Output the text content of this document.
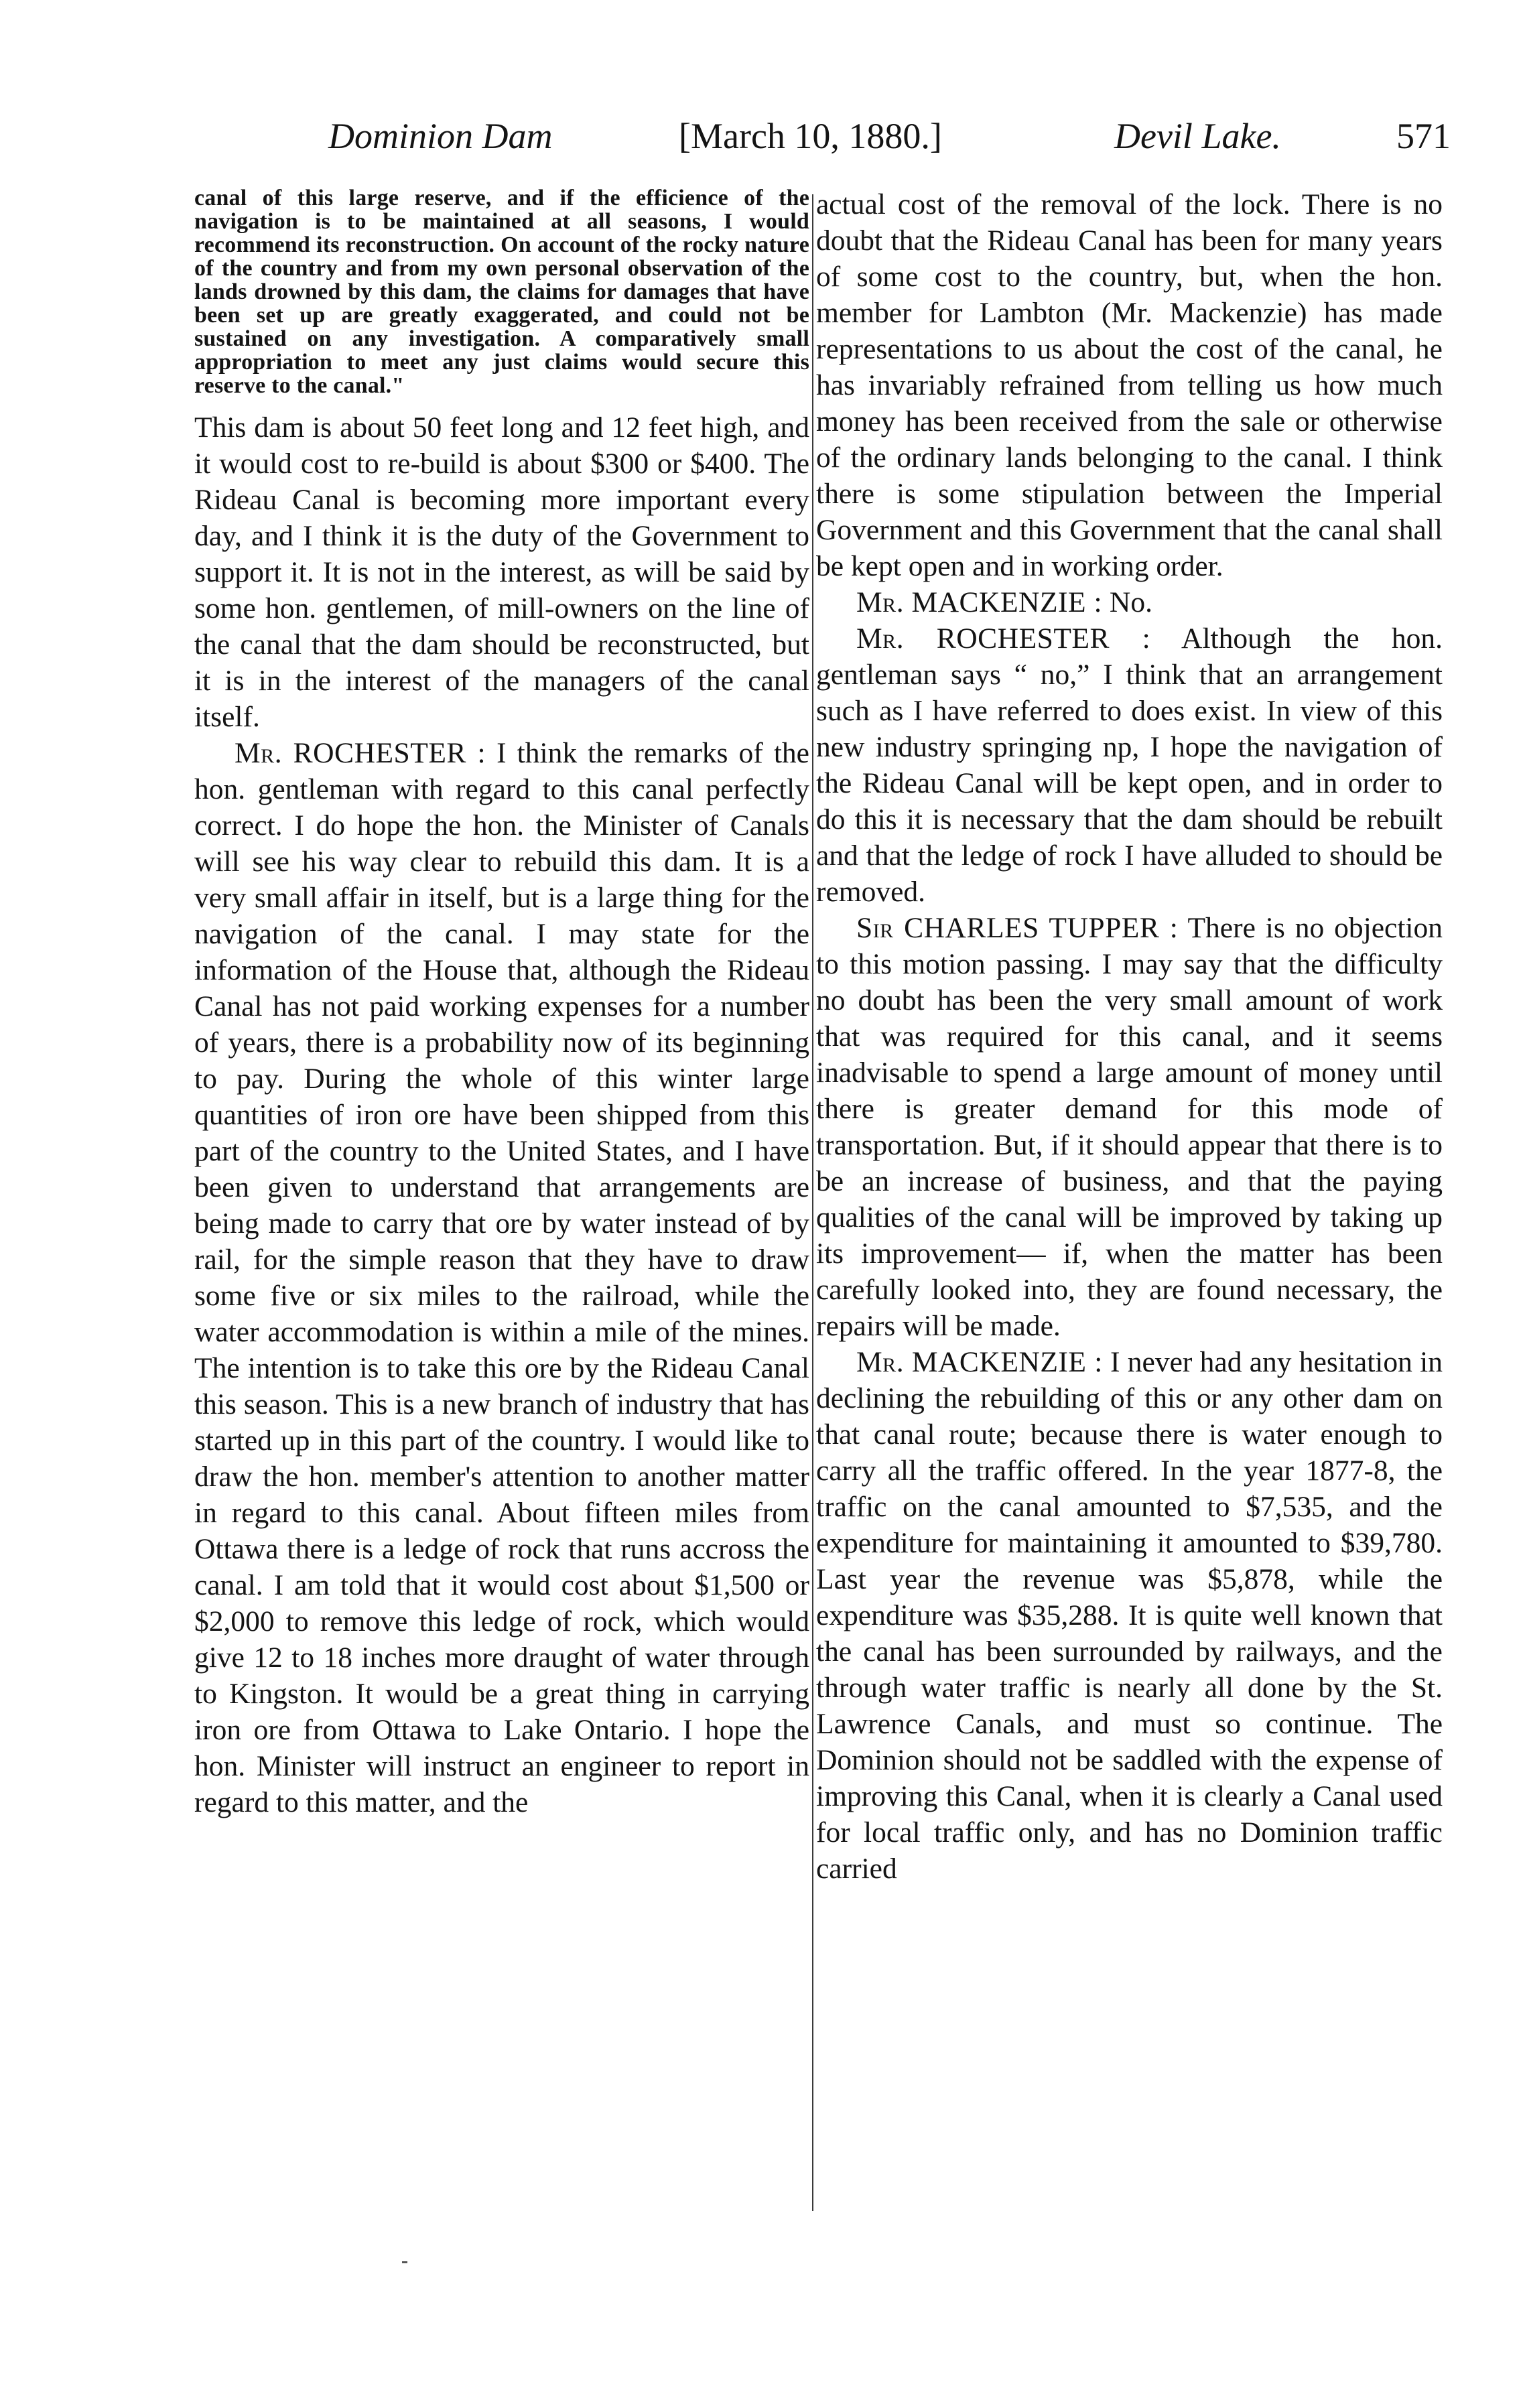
Dominion Dam	[March 10, 1880.]	Devil Lake.	571

canal of this large reserve, and if the efficience of the navigation is to be maintained at all seasons, I would recommend its reconstruction. On account of the rocky nature of the country and from my own personal observation of the lands drowned by this dam, the claims for damages that have been set up are greatly exaggerated, and could not be sustained on any investigation. A comparatively small appropriation to meet any just claims would secure this reserve to the canal."

This dam is about 50 feet long and 12 feet high, and it would cost to re-build is about $300 or $400. The Rideau Canal is becoming more important every day, and I think it is the duty of the Government to support it. It is not in the interest, as will be said by some hon. gentlemen, of mill-owners on the line of the canal that the dam should be reconstructed, but it is in the interest of the managers of the canal itself.

Mr. ROCHESTER : I think the remarks of the hon. gentleman with regard to this canal perfectly correct. I do hope the hon. the Minister of Canals will see his way clear to rebuild this dam. It is a very small affair in itself, but is a large thing for the navigation of the canal. I may state for the information of the House that, although the Rideau Canal has not paid working expenses for a number of years, there is a probability now of its beginning to pay. During the whole of this winter large quantities of iron ore have been shipped from this part of the country to the United States, and I have been given to understand that arrangements are being made to carry that ore by water instead of by rail, for the simple reason that they have to draw some five or six miles to the railroad, while the water accommodation is within a mile of the mines. The intention is to take this ore by the Rideau Canal this season. This is a new branch of industry that has started up in this part of the country. I would like to draw the hon. member's attention to another matter in regard to this canal. About fifteen miles from Ottawa there is a ledge of rock that runs accross the canal. I am told that it would cost about $1,500 or $2,000 to remove this ledge of rock, which would give 12 to 18 inches more draught of water through to Kingston. It would be a great thing in carrying iron ore from Ottawa to Lake Ontario. I hope the hon. Minister will instruct an engineer to report in regard to this matter, and the

actual cost of the removal of the lock. There is no doubt that the Rideau Canal has been for many years of some cost to the country, but, when the hon. member for Lambton (Mr. Mackenzie) has made representations to us about the cost of the canal, he has invariably refrained from telling us how much money has been received from the sale or otherwise of the ordinary lands belonging to the canal. I think there is some stipulation between the Imperial Government and this Government that the canal shall be kept open and in working order.

Mr. MACKENZIE : No.

Mr. ROCHESTER : Although the hon. gentleman says “ no,” I think that an arrangement such as I have referred to does exist. In view of this new industry springing np, I hope the navigation of the Rideau Canal will be kept open, and in order to do this it is necessary that the dam should be rebuilt and that the ledge of rock I have alluded to should be removed.

Sir CHARLES TUPPER : There is no objection to this motion passing. I may say that the difficulty no doubt has been the very small amount of work that was required for this canal, and it seems inadvisable to spend a large amount of money until there is greater demand for this mode of transportation. But, if it should appear that there is to be an increase of business, and that the paying qualities of the canal will be improved by taking up its improvement— if, when the matter has been carefully looked into, they are found necessary, the repairs will be made.

Mr. MACKENZIE : I never had any hesitation in declining the rebuilding of this or any other dam on that canal route; because there is water enough to carry all the traffic offered. In the year 1877-8, the traffic on the canal amounted to $7,535, and the expenditure for maintaining it amounted to $39,780. Last year the revenue was $5,878, while the expenditure was $35,288. It is quite well known that the canal has been surrounded by railways, and the through water traffic is nearly all done by the St. Lawrence Canals, and must so continue. The Dominion should not be saddled with the expense of improving this Canal, when it is clearly a Canal used for local traffic only, and has no Dominion traffic carried
